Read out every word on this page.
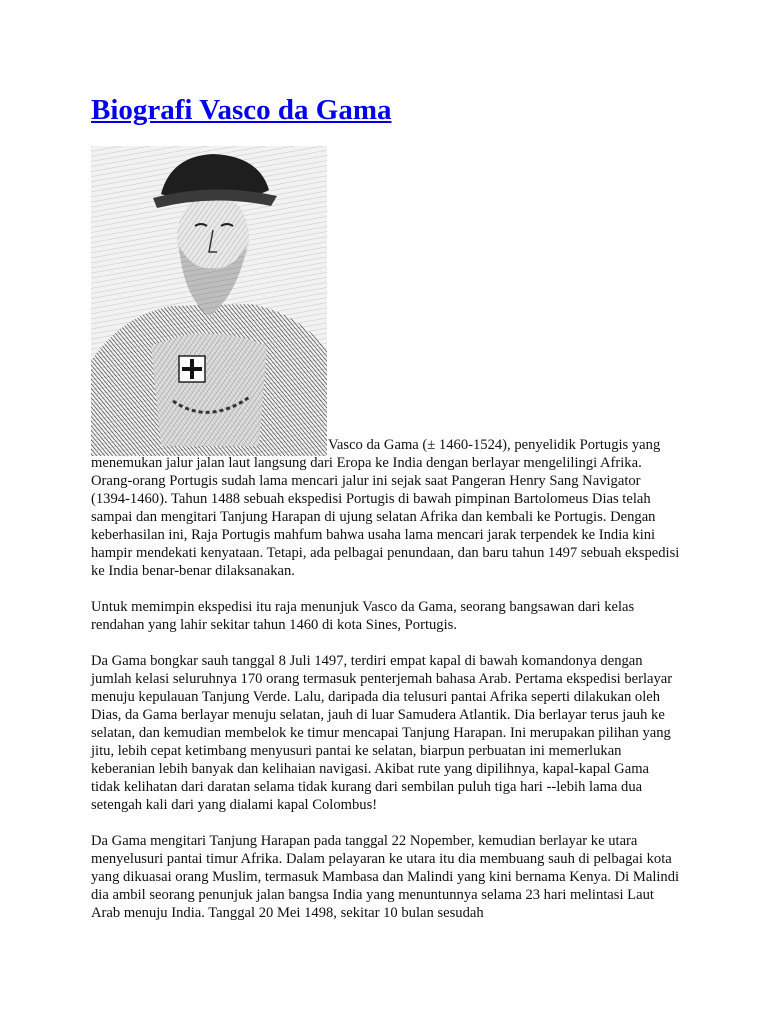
Biografi Vasco da Gama

Vasco da Gama (± 1460-1524), penyelidik Portugis yang menemukan jalur jalan laut langsung dari Eropa ke India dengan berlayar mengelilingi Afrika. Orang-orang Portugis sudah lama mencari jalur ini sejak saat Pangeran Henry Sang Navigator (1394-1460). Tahun 1488 sebuah ekspedisi Portugis di bawah pimpinan Bartolomeus Dias telah sampai dan mengitari Tanjung Harapan di ujung selatan Afrika dan kembali ke Portugis. Dengan keberhasilan ini, Raja Portugis mahfum bahwa usaha lama mencari jarak terpendek ke India kini hampir mendekati kenyataan. Tetapi, ada pelbagai penundaan, dan baru tahun 1497 sebuah ekspedisi ke India benar-benar dilaksanakan.

Untuk memimpin ekspedisi itu raja menunjuk Vasco da Gama, seorang bangsawan dari kelas rendahan yang lahir sekitar tahun 1460 di kota Sines, Portugis.

Da Gama bongkar sauh tanggal 8 Juli 1497, terdiri empat kapal di bawah komandonya dengan jumlah kelasi seluruhnya 170 orang termasuk penterjemah bahasa Arab. Pertama ekspedisi berlayar menuju kepulauan Tanjung Verde. Lalu, daripada dia telusuri pantai Afrika seperti dilakukan oleh Dias, da Gama berlayar menuju selatan, jauh di luar Samudera Atlantik. Dia berlayar terus jauh ke selatan, dan kemudian membelok ke timur mencapai Tanjung Harapan. Ini merupakan pilihan yang jitu, lebih cepat ketimbang menyusuri pantai ke selatan, biarpun perbuatan ini memerlukan keberanian lebih banyak dan kelihaian navigasi. Akibat rute yang dipilihnya, kapal-kapal Gama tidak kelihatan dari daratan selama tidak kurang dari sembilan puluh tiga hari --lebih lama dua setengah kali dari yang dialami kapal Colombus!

Da Gama mengitari Tanjung Harapan pada tanggal 22 Nopember, kemudian berlayar ke utara menyelusuri pantai timur Afrika. Dalam pelayaran ke utara itu dia membuang sauh di pelbagai kota yang dikuasai orang Muslim, termasuk Mambasa dan Malindi yang kini bernama Kenya. Di Malindi dia ambil seorang penunjuk jalan bangsa India yang menuntunnya selama 23 hari melintasi Laut Arab menuju India. Tanggal 20 Mei 1498, sekitar 10 bulan sesudah
